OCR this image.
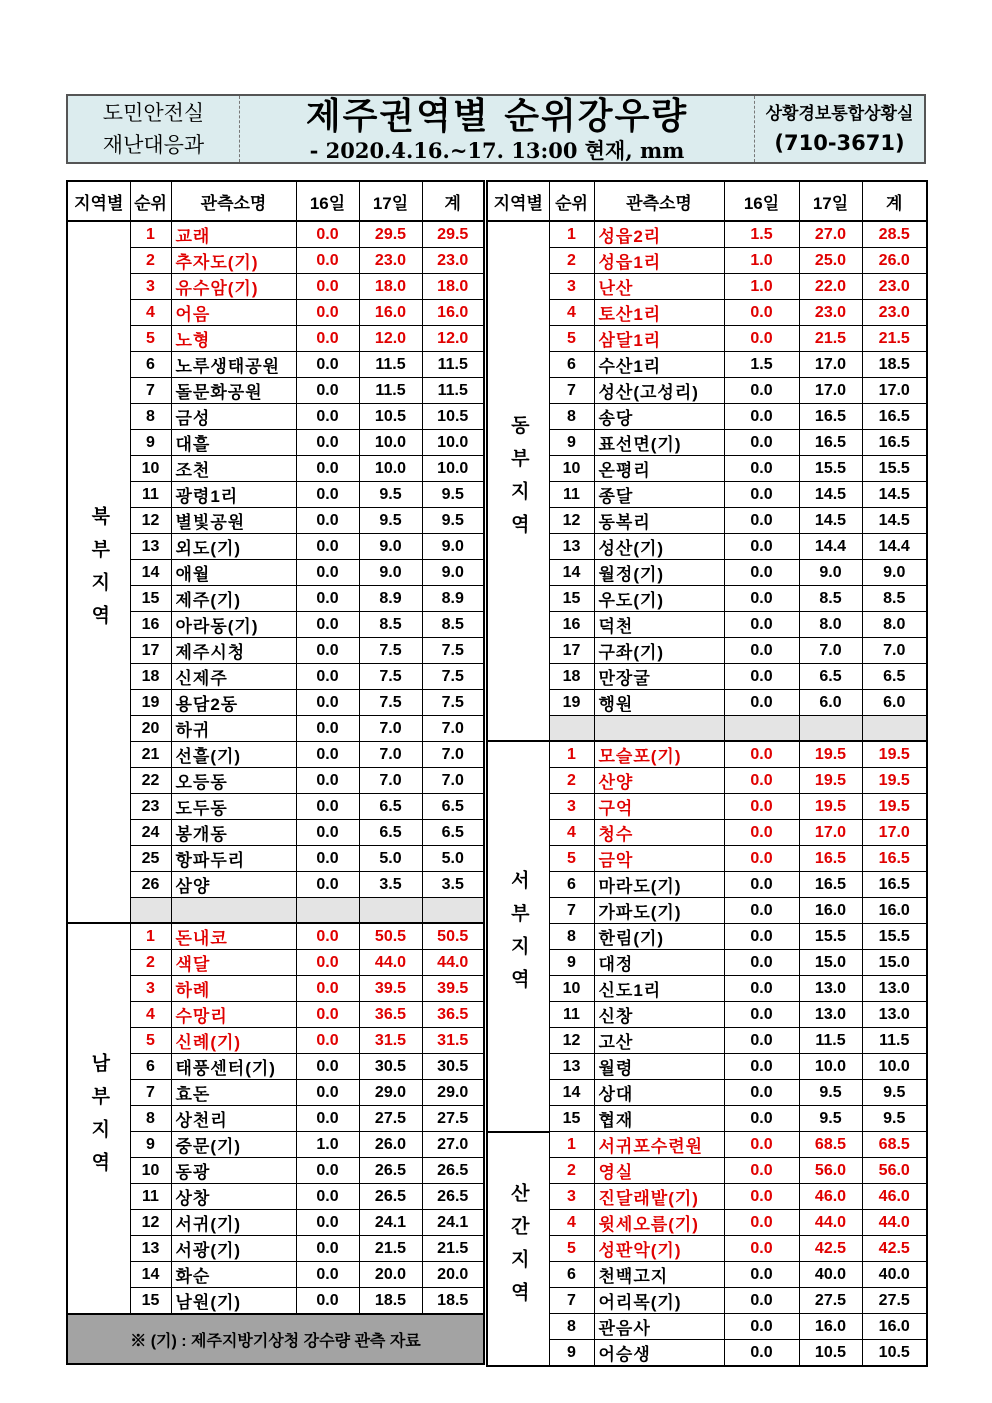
도민안전실
재난대응과
제주권역별 순위강우량
- 2020.4.16.~17. 13:00 현재, mm
상황경보통합상황실
(710-3671)
지역별	순위	관측소명	16일	17일	계
북부지역	1	교래	0.0	29.5	29.5
	2	추자도(기)	0.0	23.0	23.0
	3	유수암(기)	0.0	18.0	18.0
	4	어음	0.0	16.0	16.0
	5	노형	0.0	12.0	12.0
	6	노루생태공원	0.0	11.5	11.5
	7	돌문화공원	0.0	11.5	11.5
	8	금성	0.0	10.5	10.5
	9	대흘	0.0	10.0	10.0
	10	조천	0.0	10.0	10.0
	11	광령1리	0.0	9.5	9.5
	12	별빛공원	0.0	9.5	9.5
	13	외도(기)	0.0	9.0	9.0
	14	애월	0.0	9.0	9.0
	15	제주(기)	0.0	8.9	8.9
	16	아라동(기)	0.0	8.5	8.5
	17	제주시청	0.0	7.5	7.5
	18	신제주	0.0	7.5	7.5
	19	용담2동	0.0	7.5	7.5
	20	하귀	0.0	7.0	7.0
	21	선흘(기)	0.0	7.0	7.0
	22	오등동	0.0	7.0	7.0
	23	도두동	0.0	6.5	6.5
	24	봉개동	0.0	6.5	6.5
	25	항파두리	0.0	5.0	5.0
	26	삼양	0.0	3.5	3.5

남부지역	1	돈내코	0.0	50.5	50.5
	2	색달	0.0	44.0	44.0
	3	하례	0.0	39.5	39.5
	4	수망리	0.0	36.5	36.5
	5	신례(기)	0.0	31.5	31.5
	6	태풍센터(기)	0.0	30.5	30.5
	7	효돈	0.0	29.0	29.0
	8	상천리	0.0	27.5	27.5
	9	중문(기)	1.0	26.0	27.0
	10	동광	0.0	26.5	26.5
	11	상창	0.0	26.5	26.5
	12	서귀(기)	0.0	24.1	24.1
	13	서광(기)	0.0	21.5	21.5
	14	화순	0.0	20.0	20.0
	15	남원(기)	0.0	18.5	18.5
※ (기) : 제주지방기상청 강수량 관측 자료					
지역별	순위	관측소명	16일	17일	계
동부지역	1	성읍2리	1.5	27.0	28.5
	2	성읍1리	1.0	25.0	26.0
	3	난산	1.0	22.0	23.0
	4	토산1리	0.0	23.0	23.0
	5	삼달1리	0.0	21.5	21.5
	6	수산1리	1.5	17.0	18.5
	7	성산(고성리)	0.0	17.0	17.0
	8	송당	0.0	16.5	16.5
	9	표선면(기)	0.0	16.5	16.5
	10	온평리	0.0	15.5	15.5
	11	종달	0.0	14.5	14.5
	12	동복리	0.0	14.5	14.5
	13	성산(기)	0.0	14.4	14.4
	14	월정(기)	0.0	9.0	9.0
	15	우도(기)	0.0	8.5	8.5
	16	덕천	0.0	8.0	8.0
	17	구좌(기)	0.0	7.0	7.0
	18	만장굴	0.0	6.5	6.5
	19	행원	0.0	6.0	6.0

서부지역	1	모슬포(기)	0.0	19.5	19.5
	2	산양	0.0	19.5	19.5
	3	구억	0.0	19.5	19.5
	4	청수	0.0	17.0	17.0
	5	금악	0.0	16.5	16.5
	6	마라도(기)	0.0	16.5	16.5
	7	가파도(기)	0.0	16.0	16.0
	8	한림(기)	0.0	15.5	15.5
	9	대정	0.0	15.0	15.0
	10	신도1리	0.0	13.0	13.0
	11	신창	0.0	13.0	13.0
	12	고산	0.0	11.5	11.5
	13	월령	0.0	10.0	10.0
	14	상대	0.0	9.5	9.5
	15	협재	0.0	9.5	9.5
산간지역	1	서귀포수련원	0.0	68.5	68.5
	2	영실	0.0	56.0	56.0
	3	진달래밭(기)	0.0	46.0	46.0
	4	윗세오름(기)	0.0	44.0	44.0
	5	성판악(기)	0.0	42.5	42.5
	6	천백고지	0.0	40.0	40.0
	7	어리목(기)	0.0	27.5	27.5
	8	관음사	0.0	16.0	16.0
	9	어승생	0.0	10.5	10.5
